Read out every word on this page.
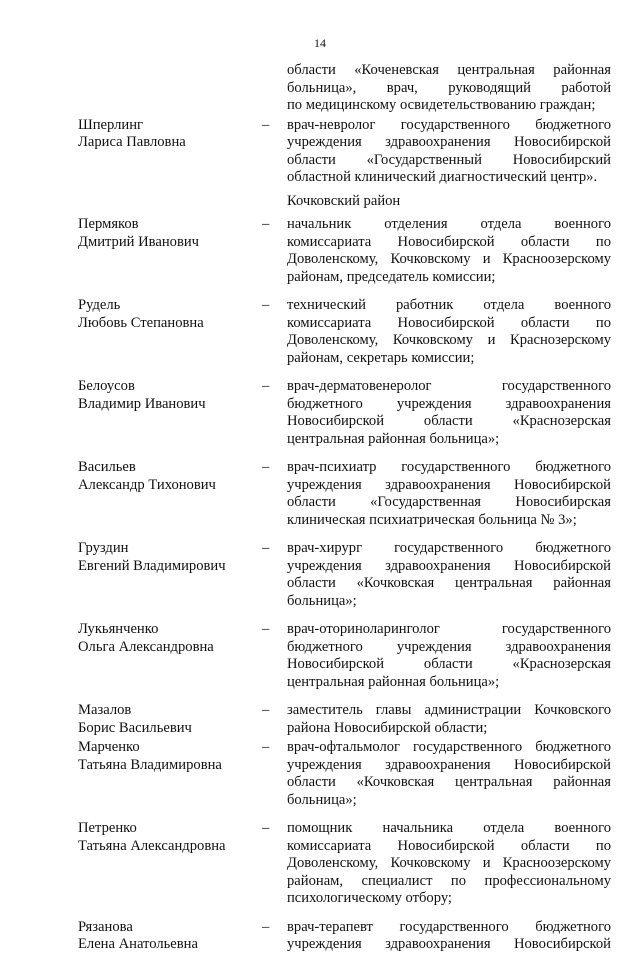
14
области «Коченевская центральная районная
больница», врач, руководящий работой
по медицинскому освидетельствованию граждан;
Шперлинг
Лариса Павловна
– врач-невролог государственного бюджетного
учреждения здравоохранения Новосибирской
области «Государственный Новосибирский
областной клинический диагностический центр».
Кочковский район
Пермяков
Дмитрий Иванович
– начальник отделения отдела военного
комиссариата Новосибирской области по
Доволенскому, Кочковскому и Красноозерскому
районам, председатель комиссии;
Рудель
Любовь Степановна
– технический работник отдела военного
комиссариата Новосибирской области по
Доволенскому, Кочковскому и Краснозерскому
районам, секретарь комиссии;
Белоусов
Владимир Иванович
– врач-дерматовенеролог государственного
бюджетного учреждения здравоохранения
Новосибирской области «Краснозерская
центральная районная больница»;
Васильев
Александр Тихонович
– врач-психиатр государственного бюджетного
учреждения здравоохранения Новосибирской
области «Государственная Новосибирская
клиническая психиатрическая больница № 3»;
Груздин
Евгений Владимирович
– врач-хирург государственного бюджетного
учреждения здравоохранения Новосибирской
области «Кочковская центральная районная
больница»;
Лукьянченко
Ольга Александровна
– врач-оториноларинголог государственного
бюджетного учреждения здравоохранения
Новосибирской области «Краснозерская
центральная районная больница»;
Мазалов
Борис Васильевич
– заместитель главы администрации Кочковского
района Новосибирской области;
Марченко
Татьяна Владимировна
– врач-офтальмолог государственного бюджетного
учреждения здравоохранения Новосибирской
области «Кочковская центральная районная
больница»;
Петренко
Татьяна Александровна
– помощник начальника отдела военного
комиссариата Новосибирской области по
Доволенскому, Кочковскому и Красноозерскому
районам, специалист по профессиональному
психологическому отбору;
Рязанова
Елена Анатольевна
– врач-терапевт государственного бюджетного
учреждения здравоохранения Новосибирской
